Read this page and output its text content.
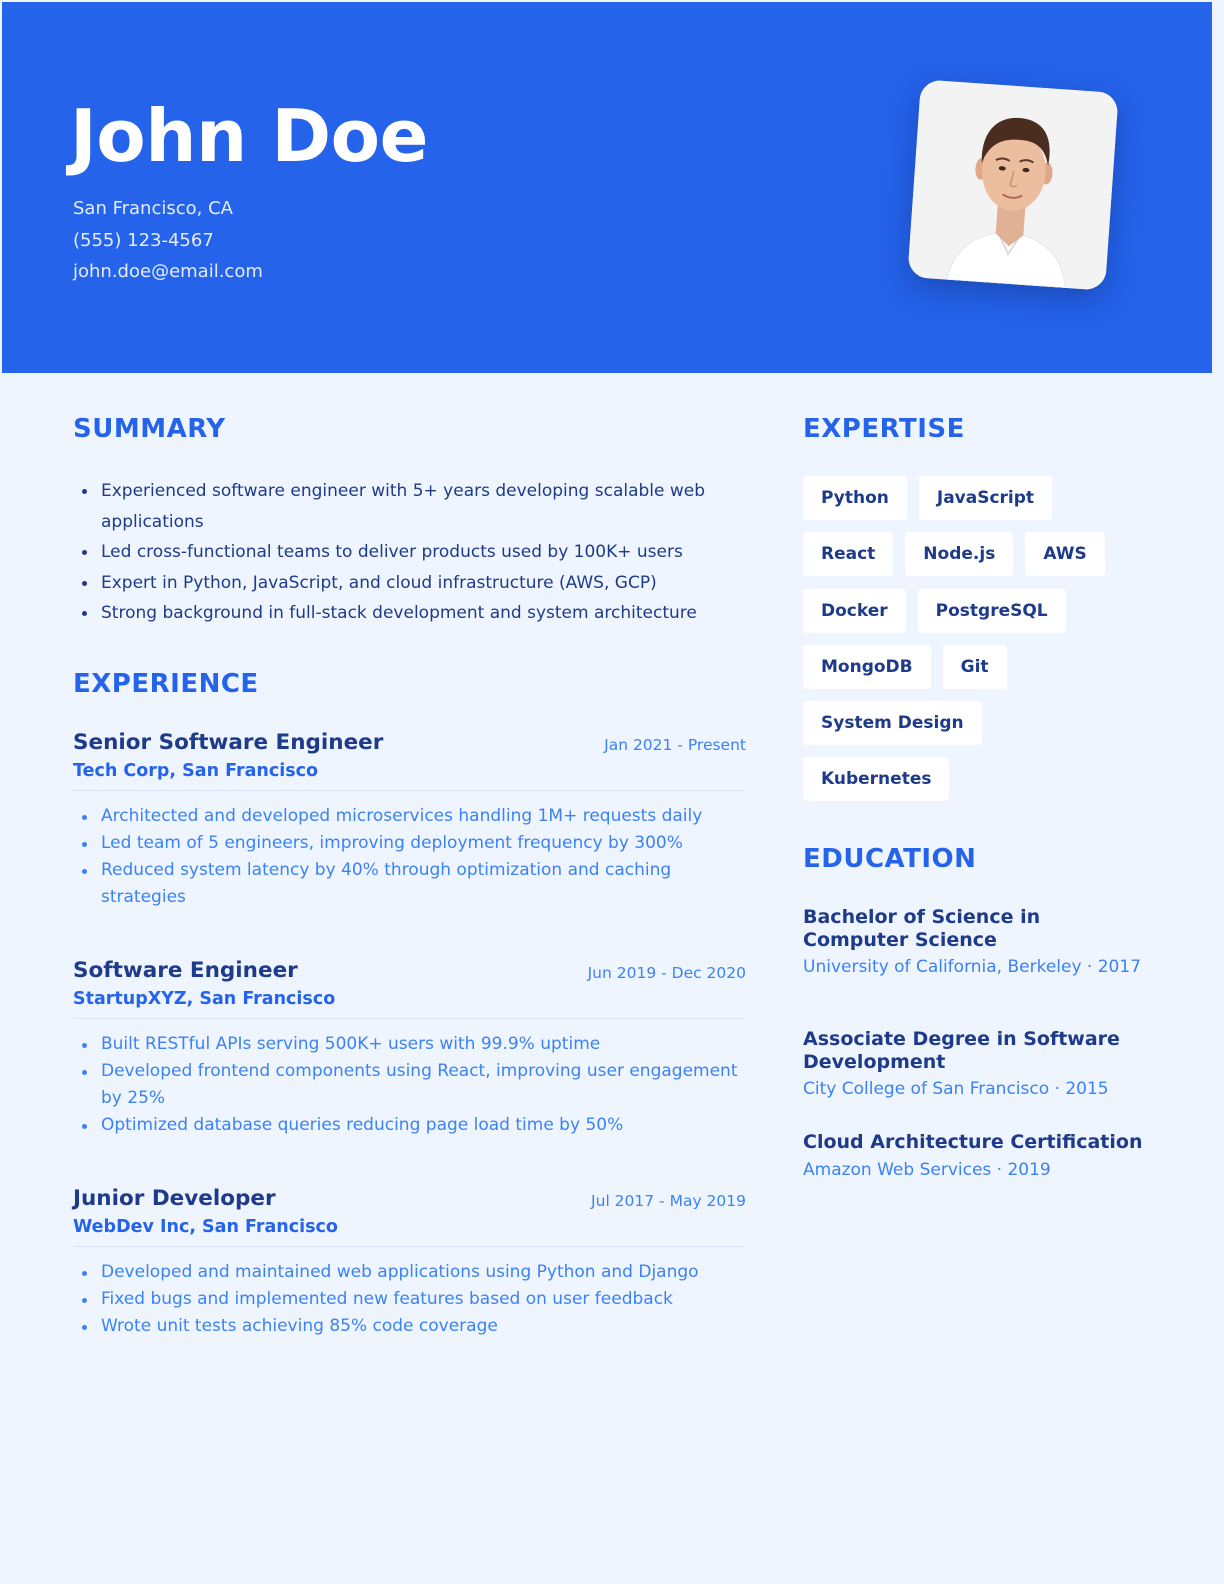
John Doe
San Francisco, CA
(555) 123-4567
john.doe@email.com
SUMMARY
Experienced software engineer with 5+ years developing scalable web applications
Led cross-functional teams to deliver products used by 100K+ users
Expert in Python, JavaScript, and cloud infrastructure (AWS, GCP)
Strong background in full-stack development and system architecture
EXPERIENCE
Senior Software Engineer	Jan 2021 - Present
Tech Corp, San Francisco
Architected and developed microservices handling 1M+ requests daily
Led team of 5 engineers, improving deployment frequency by 300%
Reduced system latency by 40% through optimization and caching strategies
Software Engineer	Jun 2019 - Dec 2020
StartupXYZ, San Francisco
Built RESTful APIs serving 500K+ users with 99.9% uptime
Developed frontend components using React, improving user engagement by 25%
Optimized database queries reducing page load time by 50%
Junior Developer	Jul 2017 - May 2019
WebDev Inc, San Francisco
Developed and maintained web applications using Python and Django
Fixed bugs and implemented new features based on user feedback
Wrote unit tests achieving 85% code coverage
EXPERTISE
Python	JavaScript
React	Node.js	AWS
Docker	PostgreSQL
MongoDB	Git
System Design
Kubernetes
EDUCATION
Bachelor of Science in Computer Science
University of California, Berkeley · 2017
Associate Degree in Software Development
City College of San Francisco · 2015
Cloud Architecture Certification
Amazon Web Services · 2019
